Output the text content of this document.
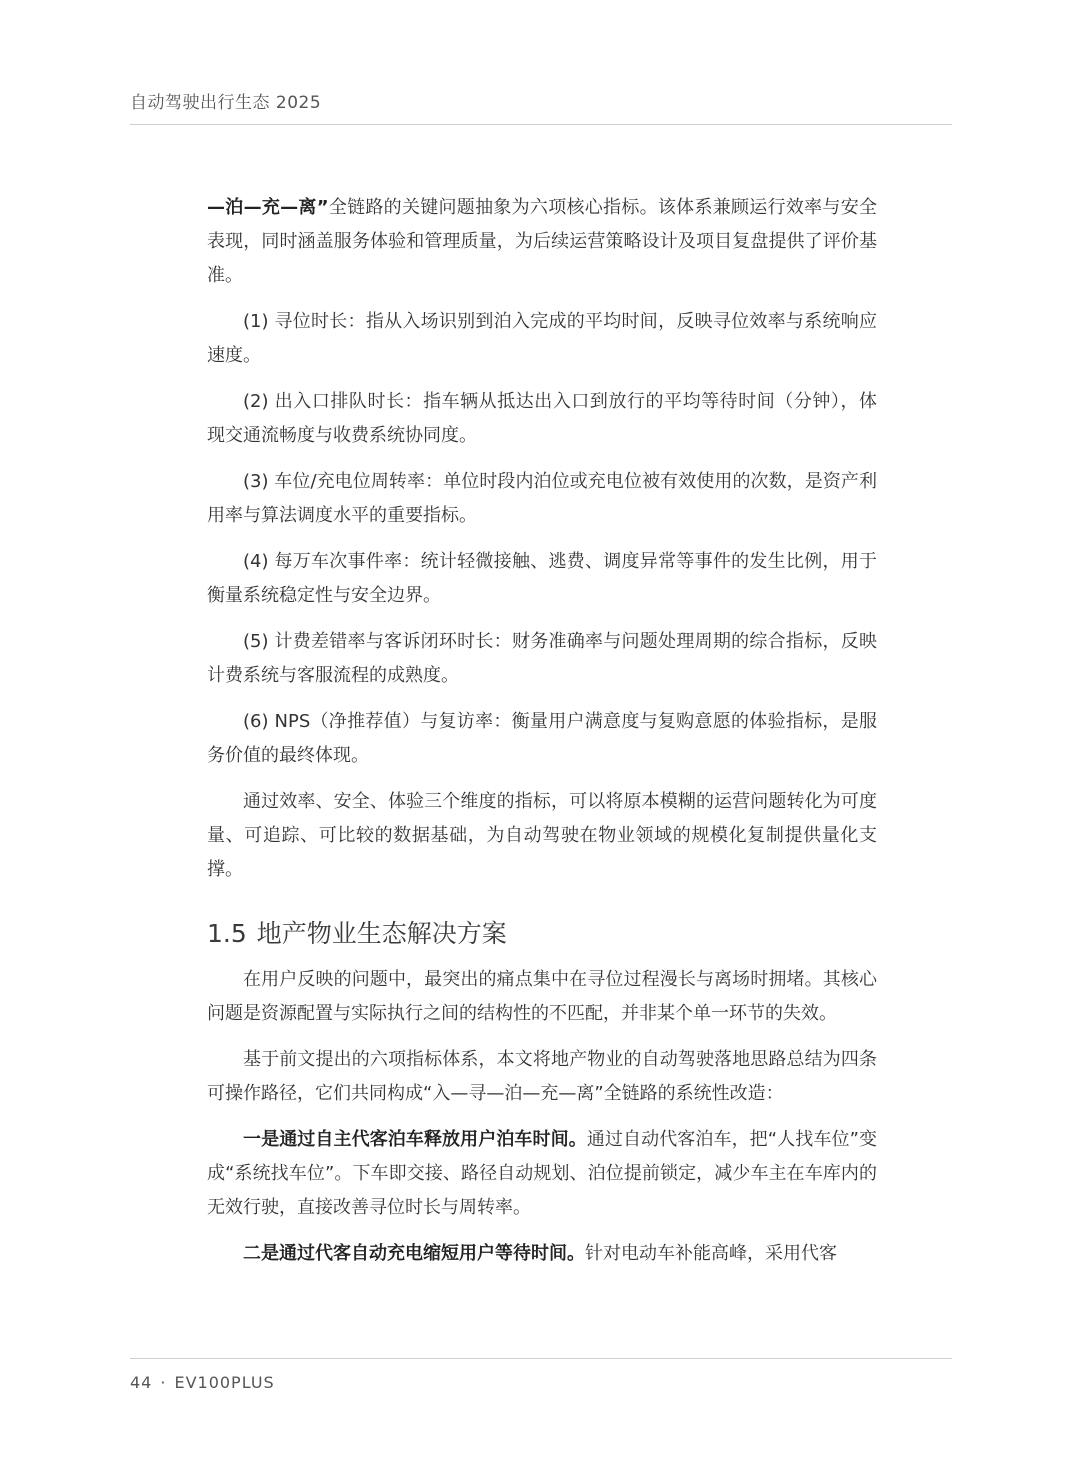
自动驾驶出行生态 2025

—泊—充—离”全链路的关键问题抽象为六项核心指标。该体系兼顾运行效率与安全表现，同时涵盖服务体验和管理质量，为后续运营策略设计及项目复盘提供了评价基准。

(1) 寻位时长：指从入场识别到泊入完成的平均时间，反映寻位效率与系统响应速度。

(2) 出入口排队时长：指车辆从抵达出入口到放行的平均等待时间（分钟），体现交通流畅度与收费系统协同度。

(3) 车位/充电位周转率：单位时段内泊位或充电位被有效使用的次数，是资产利用率与算法调度水平的重要指标。

(4) 每万车次事件率：统计轻微接触、逃费、调度异常等事件的发生比例，用于衡量系统稳定性与安全边界。

(5) 计费差错率与客诉闭环时长：财务准确率与问题处理周期的综合指标，反映计费系统与客服流程的成熟度。

(6) NPS（净推荐值）与复访率：衡量用户满意度与复购意愿的体验指标，是服务价值的最终体现。

通过效率、安全、体验三个维度的指标，可以将原本模糊的运营问题转化为可度量、可追踪、可比较的数据基础，为自动驾驶在物业领域的规模化复制提供量化支撑。

1.5 地产物业生态解决方案

在用户反映的问题中，最突出的痛点集中在寻位过程漫长与离场时拥堵。其核心问题是资源配置与实际执行之间的结构性的不匹配，并非某个单一环节的失效。

基于前文提出的六项指标体系，本文将地产物业的自动驾驶落地思路总结为四条可操作路径，它们共同构成“入—寻—泊—充—离”全链路的系统性改造：

一是通过自主代客泊车释放用户泊车时间。通过自动代客泊车，把“人找车位”变成“系统找车位”。下车即交接、路径自动规划、泊位提前锁定，减少车主在车库内的无效行驶，直接改善寻位时长与周转率。

二是通过代客自动充电缩短用户等待时间。针对电动车补能高峰，采用代客

44 · EV100PLUS
